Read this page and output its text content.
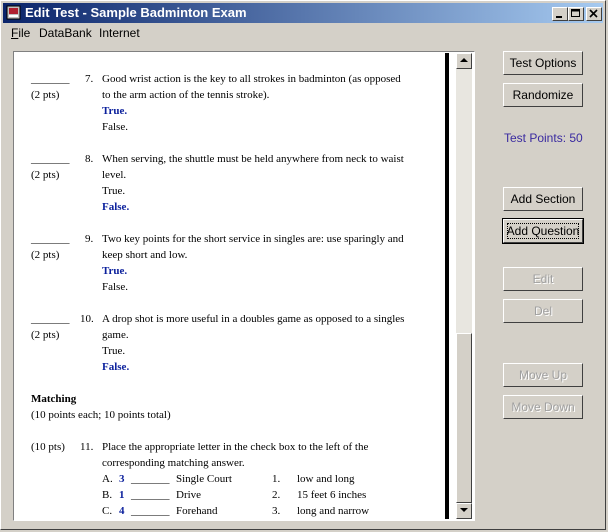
Edit Test - Sample Badminton Exam
File DataBank Internet
_______ 7. Good wrist action is the key to all strokes in badminton (as opposed
(2 pts)	to the arm action of the tennis stroke).
True.
False.
_______ 8. When serving, the shuttle must be held anywhere from neck to waist
(2 pts)	level.
True.
False.
_______ 9. Two key points for the short service in singles are: use sparingly and
(2 pts)	keep short and low.
True.
False.
_______ 10. A drop shot is more useful in a doubles game as opposed to a singles
(2 pts)	game.
True.
False.
Matching
(10 points each; 10 points total)
(10 pts) 11. Place the appropriate letter in the check box to the left of the
corresponding matching answer.
A. 3 _______ Single Court	1. low and long
B. 1 _______ Drive	2. 15 feet 6 inches
C. 4 _______ Forehand	3. long and narrow
Test Options
Randomize
Test Points: 50
Add Section
Add Question
Edit
Del
Move Up
Move Down
